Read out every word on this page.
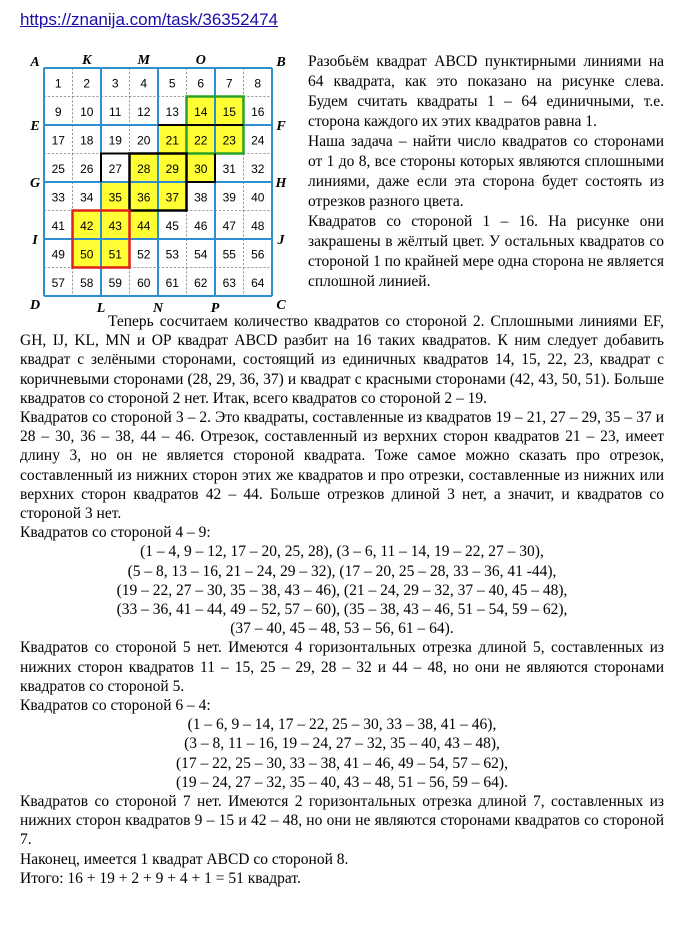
https://znanija.com/task/36352474
1 2 3 4 5 6 7 8
9 10 11 12 13 14 15 16
17 18 19 20 21 22 23 24
25 26 27 28 29 30 31 32
33 34 35 36 37 38 39 40
41 42 43 44 45 46 47 48
49 50 51 52 53 54 55 56
57 58 59 60 61 62 63 64
A	B
C
D
K	M	O
L	N	P
E
G
I
F
H
J

Разобьём квадрат ABCD пунктирными линиями на 64 квадрата, как это показано на рисунке слева. Будем считать квадраты 1 – 64 единичными, т.е. сторона каждого их этих квадратов равна 1.

Наша задача – найти число квадратов со сторонами от 1 до 8, все стороны которых являются сплошными линиями, даже если эта сторона будет состоять из отрезков разного цвета.

Квадратов со стороной 1 – 16. На рисунке они закрашены в жёлтый цвет. У остальных квадратов со стороной 1 по крайней мере одна сторона не является сплошной линией.

Теперь сосчитаем количество квадратов со стороной 2. Сплошными линиями EF, GH, IJ, KL, MN и OP квадрат ABCD разбит на 16 таких квадратов. К ним следует добавить квадрат с зелёными сторонами, состоящий из единичных квадратов 14, 15, 22, 23, квадрат с коричневыми сторонами (28, 29, 36, 37) и квадрат с красными сторонами (42, 43, 50, 51). Больше квадратов со стороной 2 нет. Итак, всего квадратов со стороной 2 – 19.

Квадратов со стороной 3 – 2. Это квадраты, составленные из квадратов 19 – 21, 27 – 29, 35 – 37 и 28 – 30, 36 – 38, 44 – 46. Отрезок, составленный из верхних сторон квадратов 21 – 23, имеет длину 3, но он не является стороной квадрата. Тоже самое можно сказать про отрезок, составленный из нижних сторон этих же квадратов и про отрезки, составленные из нижних или верхних сторон квадратов 42 – 44. Больше отрезков длиной 3 нет, а значит, и квадратов со стороной 3 нет.

Квадратов со стороной 4 – 9:

(1 – 4, 9 – 12, 17 – 20, 25, 28), (3 – 6, 11 – 14, 19 – 22, 27 – 30),

(5 – 8, 13 – 16, 21 – 24, 29 – 32), (17 – 20, 25 – 28, 33 – 36, 41 -44),

(19 – 22, 27 – 30, 35 – 38, 43 – 46), (21 – 24, 29 – 32, 37 – 40, 45 – 48),

(33 – 36, 41 – 44, 49 – 52, 57 – 60), (35 – 38, 43 – 46, 51 – 54, 59 – 62),

(37 – 40, 45 – 48, 53 – 56, 61 – 64).

Квадратов со стороной 5 нет. Имеются 4 горизонтальных отрезка длиной 5, составленных из нижних сторон квадратов 11 – 15, 25 – 29, 28 – 32 и 44 – 48, но они не являются сторонами квадратов со стороной 5.

Квадратов со стороной 6 – 4:

(1 – 6, 9 – 14, 17 – 22, 25 – 30, 33 – 38, 41 – 46),

(3 – 8, 11 – 16, 19 – 24, 27 – 32, 35 – 40, 43 – 48),

(17 – 22, 25 – 30, 33 – 38, 41 – 46, 49 – 54, 57 – 62),

(19 – 24, 27 – 32, 35 – 40, 43 – 48, 51 – 56, 59 – 64).

Квадратов со стороной 7 нет. Имеются 2 горизонтальных отрезка длиной 7, составленных из нижних сторон квадратов 9 – 15 и 42 – 48, но они не являются сторонами квадратов со стороной 7.

Наконец, имеется 1 квадрат ABCD со стороной 8.

Итого: 16 + 19 + 2 + 9 + 4 + 1 = 51 квадрат.
